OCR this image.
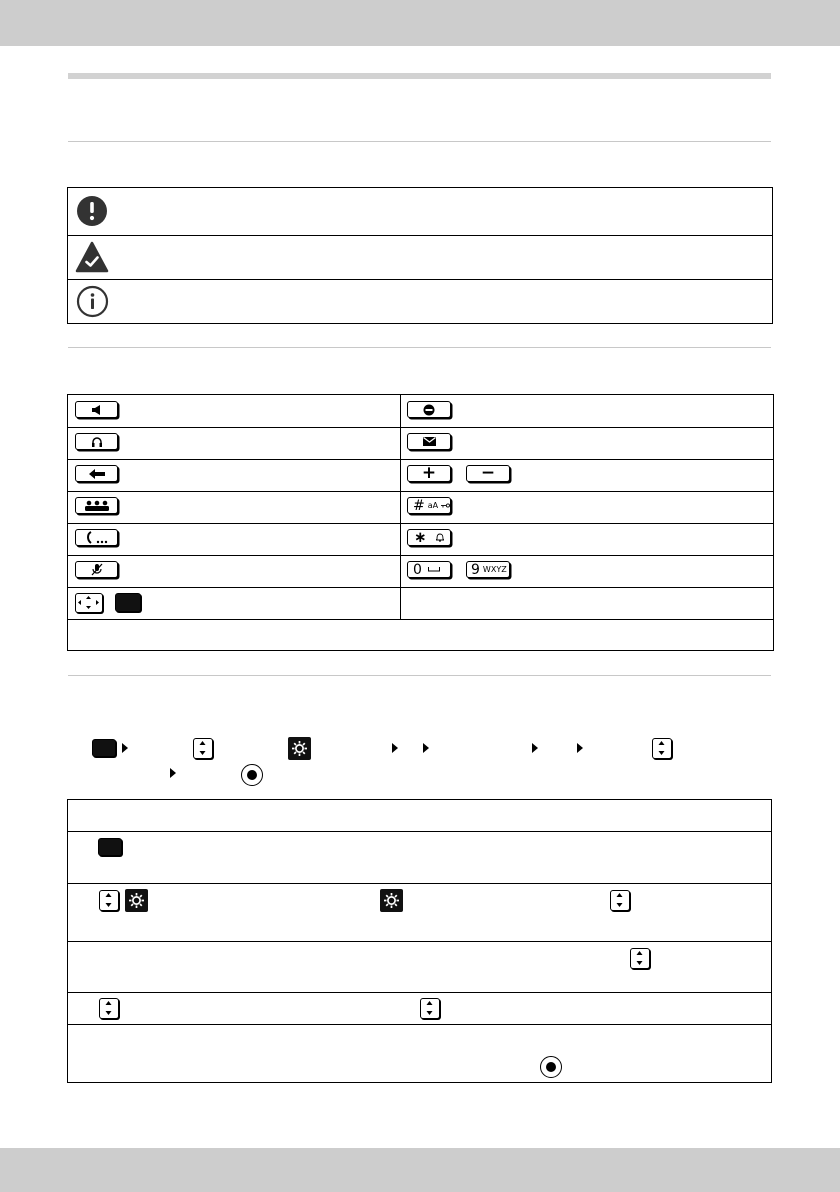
+	−
# aA
∗
0	9 WXYZ
